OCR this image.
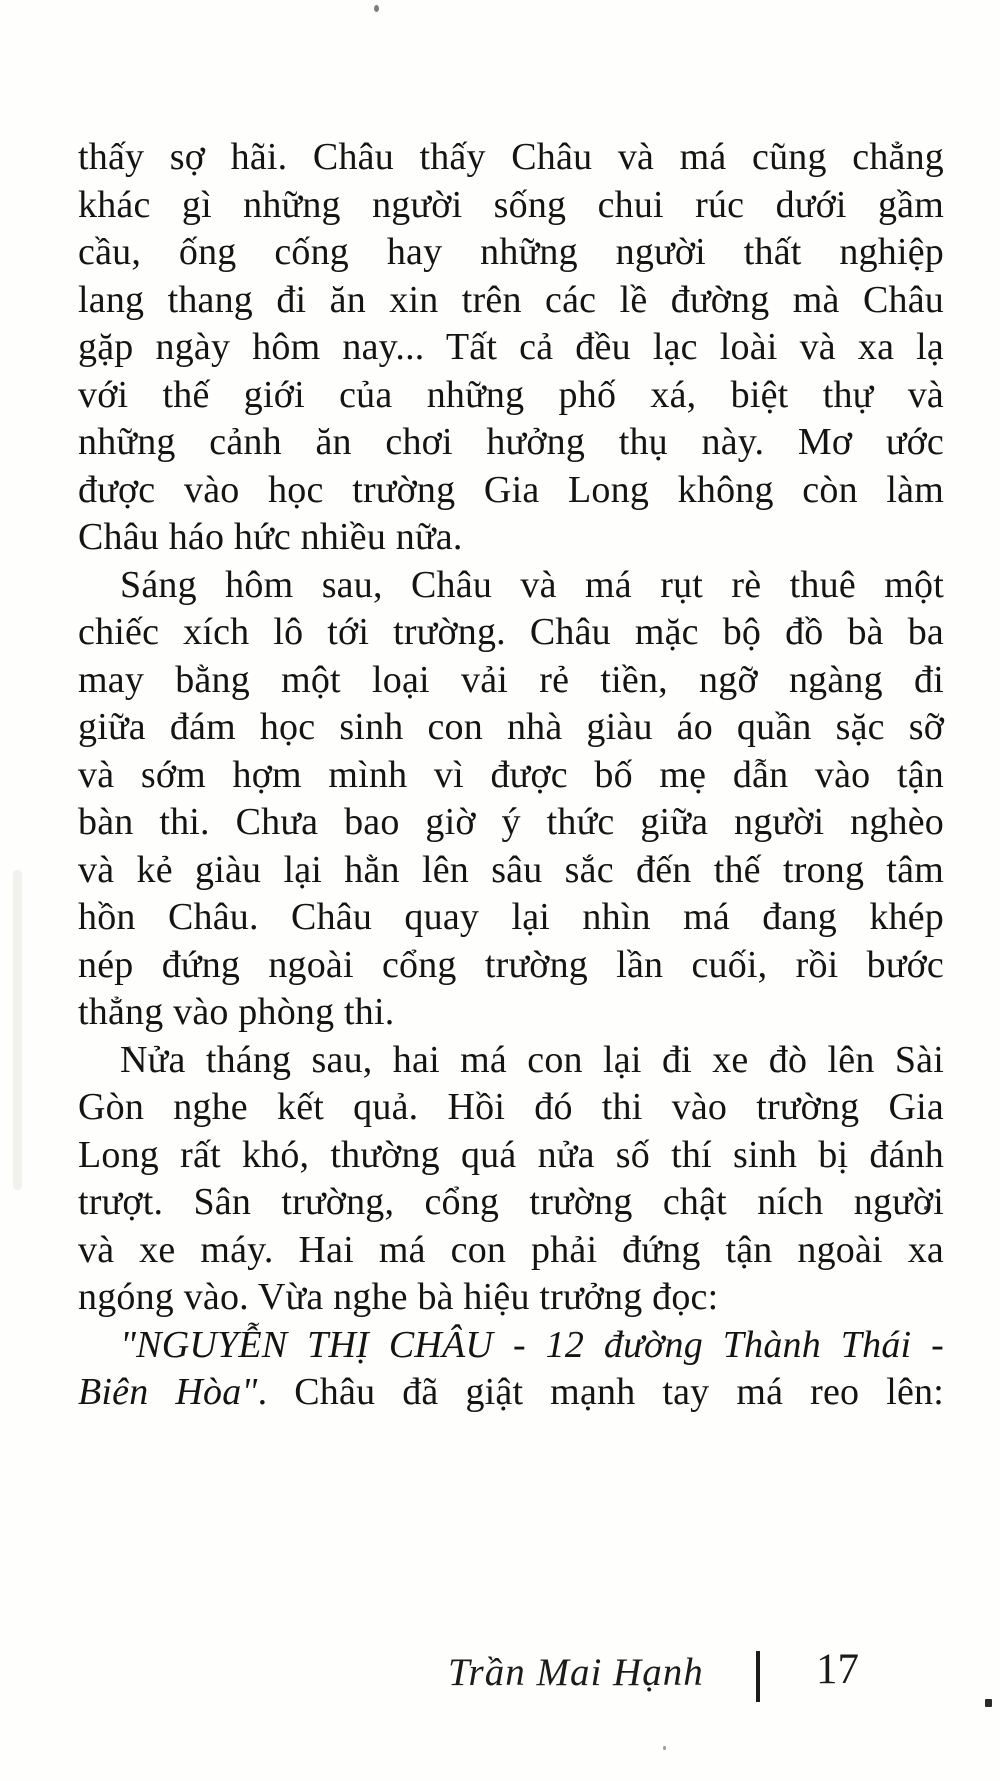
thấy sợ hãi. Châu thấy Châu và má cũng chẳng
khác gì những người sống chui rúc dưới gầm
cầu, ống cống hay những người thất nghiệp
lang thang đi ăn xin trên các lề đường mà Châu
gặp ngày hôm nay... Tất cả đều lạc loài và xa lạ
với thế giới của những phố xá, biệt thự và
những cảnh ăn chơi hưởng thụ này. Mơ ước
được vào học trường Gia Long không còn làm
Châu háo hức nhiều nữa.
Sáng hôm sau, Châu và má rụt rè thuê một
chiếc xích lô tới trường. Châu mặc bộ đồ bà ba
may bằng một loại vải rẻ tiền, ngỡ ngàng đi
giữa đám học sinh con nhà giàu áo quần sặc sỡ
và sớm hợm mình vì được bố mẹ dẫn vào tận
bàn thi. Chưa bao giờ ý thức giữa người nghèo
và kẻ giàu lại hằn lên sâu sắc đến thế trong tâm
hồn Châu. Châu quay lại nhìn má đang khép
nép đứng ngoài cổng trường lần cuối, rồi bước
thẳng vào phòng thi.
Nửa tháng sau, hai má con lại đi xe đò lên Sài
Gòn nghe kết quả. Hồi đó thi vào trường Gia
Long rất khó, thường quá nửa số thí sinh bị đánh
trượt. Sân trường, cổng trường chật ních người
và xe máy. Hai má con phải đứng tận ngoài xa
ngóng vào. Vừa nghe bà hiệu trưởng đọc:
"NGUYỄN THỊ CHÂU - 12 đường Thành Thái -
Biên Hòa". Châu đã giật mạnh tay má reo lên:
Trần Mai Hạnh	17
